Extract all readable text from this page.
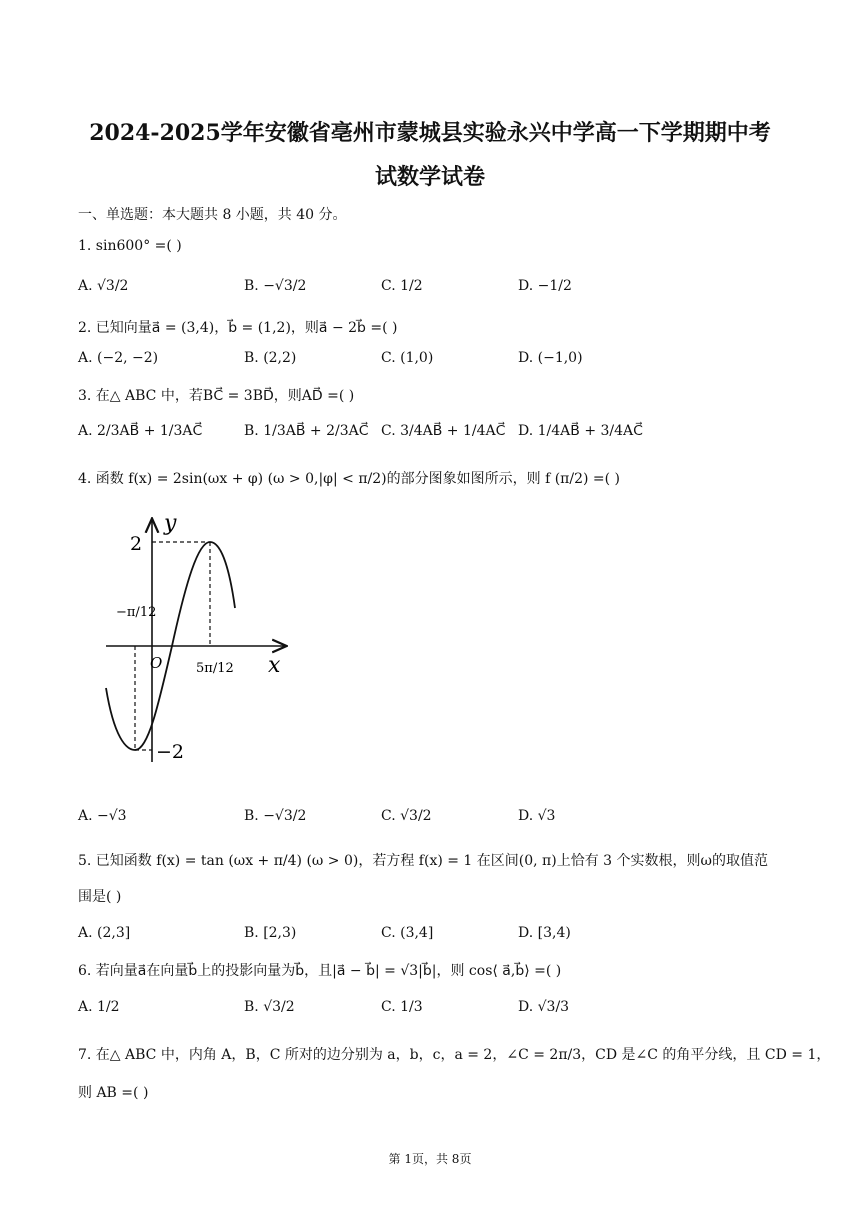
2024-2025学年安徽省亳州市蒙城县实验永兴中学高一下学期期中考
试数学试卷
一、单选题：本大题共 8 小题，共 40 分。
1. sin600° =( )
A. √3/2	B. −√3/2	C. 1/2	D. −1/2
2. 已知向量a⃗ = (3,4)，b⃗ = (1,2)，则a⃗ − 2b⃗ =( )
A. (−2, −2)	B. (2,2)	C. (1,0)	D. (−1,0)
3. 在△ ABC 中，若BC⃗ = 3BD⃗，则AD⃗ =( )
A. 2/3AB⃗ + 1/3AC⃗	B. 1/3AB⃗ + 2/3AC⃗ C. 3/4AB⃗ + 1/4AC⃗ D. 1/4AB⃗ + 3/4AC⃗
4. 函数 f(x) = 2sin(ωx + φ) (ω > 0,|φ| < π/2)的部分图象如图所示，则 f (π/2) =( )
y
x
O
2
−2
−π/12
5π/12
A. −√3	B. −√3/2	C. √3/2	D. √3
5. 已知函数 f(x) = tan (ωx + π/4) (ω > 0)，若方程 f(x) = 1 在区间(0, π)上恰有 3 个实数根，则ω的取值范
围是( )
A. (2,3]	B. [2,3)	C. (3,4]	D. [3,4)
6. 若向量a⃗在向量b⃗上的投影向量为b⃗，且|a⃗ − b⃗| = √3|b⃗|，则 cos⟨ a⃗,b⃗⟩ =( )
A. 1/2	B. √3/2	C. 1/3	D. √3/3
7. 在△ ABC 中，内角 A，B，C 所对的边分别为 a，b，c，a = 2，∠C = 2π/3，CD 是∠C 的角平分线，且 CD = 1，
则 AB =( )
第 1页，共 8页
